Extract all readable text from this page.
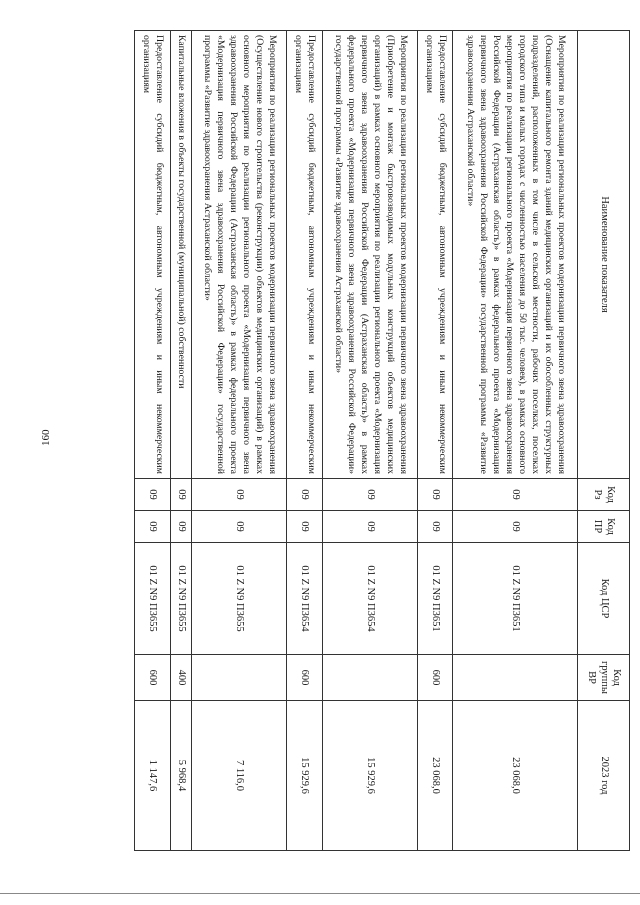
160
Наименование показателя	Код Рз	Код ПР	Код ЦСР	Код группы ВР	2023 год
Мероприятия по реализации региональных проектов модернизации первичного звена здравоохранения (Оснащение капитального ремонта зданий медицинских организаций и их обособленных структурных подразделений, расположенных в том числе в сельской местности, рабочих поселках, поселках городского типа и малых городах с численностью населения до 50 тыс. человек), в рамках основного мероприятия по реализации регионального проекта «Модернизация первичного звена здравоохранения Российской Федерации (Астраханская область)» в рамках федерального проекта «Модернизация первичного звена здравоохранения Российской Федерации» государственной программы «Развитие здравоохранения Астраханской области»	09	09	01 Z N9 П3651		23 068,0
Предоставление субсидий бюджетным, автономным учреждениям и иным некоммерческим организациям	09	09	01 Z N9 П3651	600	23 068,0
Мероприятия по реализации региональных проектов модернизации первичного звена здравоохранения (Приобретение и монтаж быстровозводимых модульных конструкций объектов медицинских организаций) в рамках основного мероприятия по реализации регионального проекта «Модернизация первичного звена здравоохранения Российской Федерации (Астраханская область)» в рамках федерального проекта «Модернизация первичного звена здравоохранения Российской Федерации» государственной программы «Развитие здравоохранения Астраханской области»	09	09	01 Z N9 П3654		15 929,6
Предоставление субсидий бюджетным, автономным учреждениям и иным некоммерческим организациям	09	09	01 Z N9 П3654	600	15 929,6
Мероприятия по реализации региональных проектов модернизации первичного звена здравоохранения (Осуществление нового строительства (реконструкции) объектов медицинских организаций) в рамках основного мероприятия по реализации регионального проекта «Модернизация первичного звена здравоохранения Российской Федерации (Астраханская область)» в рамках федерального проекта «Модернизация первичного звена здравоохранения Российской Федерации» государственной программы «Развитие здравоохранения Астраханской области»	09	09	01 Z N9 П3655		7 116,0
Капитальные вложения в объекты государственной (муниципальной) собственности	09	09	01 Z N9 П3655	400	5 968,4
Предоставление субсидий бюджетным, автономным учреждениям и иным некоммерческим организациям	09	09	01 Z N9 П3655	600	1 147,6
